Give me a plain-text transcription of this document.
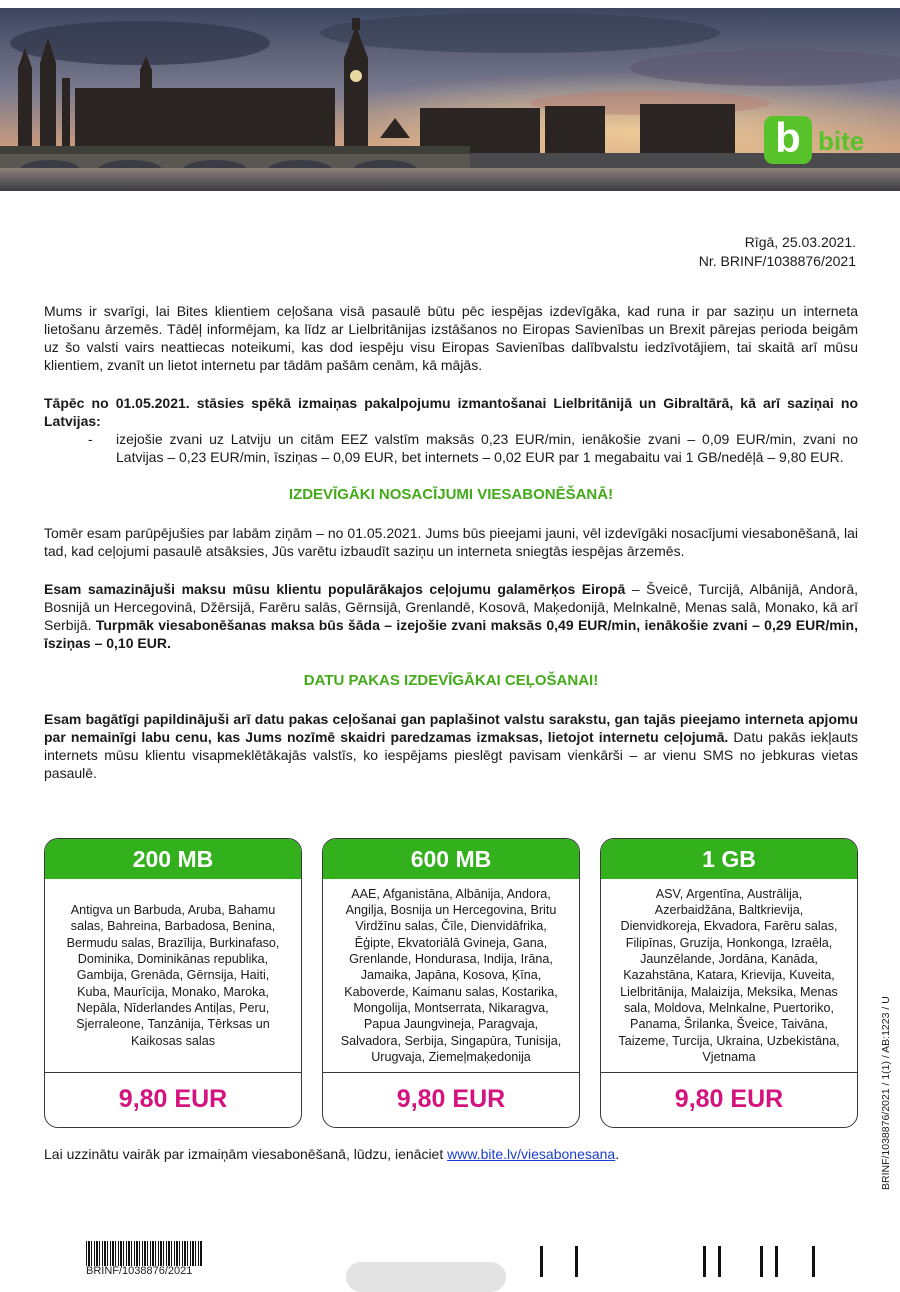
b bite
Rīgā, 25.03.2021.
Nr. BRINF/1038876/2021

Mums ir svarīgi, lai Bites klientiem ceļošana visā pasaulē būtu pēc iespējas izdevīgāka, kad runa ir par saziņu un interneta lietošanu ārzemēs. Tādēļ informējam, ka līdz ar Lielbritānijas izstāšanos no Eiropas Savienības un Brexit pārejas perioda beigām uz šo valsti vairs neattiecas noteikumi, kas dod iespēju visu Eiropas Savienības dalībvalstu iedzīvotājiem, tai skaitā arī mūsu klientiem, zvanīt un lietot internetu par tādām pašām cenām, kā mājās.

Tāpēc no 01.05.2021. stāsies spēkā izmaiņas pakalpojumu izmantošanai Lielbritānijā un Gibraltārā, kā arī saziņai no Latvijas:

-	izejošie zvani uz Latviju un citām EEZ valstīm maksās 0,23 EUR/min, ienākošie zvani – 0,09 EUR/min, zvani no Latvijas – 0,23 EUR/min, īsziņas – 0,09 EUR, bet internets – 0,02 EUR par 1 megabaitu vai 1 GB/nedēļā – 9,80 EUR.
IZDEVĪGĀKI NOSACĪJUMI VIESABONĒŠANĀ!

Tomēr esam parūpējušies par labām ziņām – no 01.05.2021. Jums būs pieejami jauni, vēl izdevīgāki nosacījumi viesabonēšanā, lai tad, kad ceļojumi pasaulē atsāksies, Jūs varētu izbaudīt saziņu un interneta sniegtās iespējas ārzemēs.

Esam samazinājuši maksu mūsu klientu populārākajos ceļojumu galamērķos Eiropā – Šveicē, Turcijā, Albānijā, Andorā, Bosnijā un Hercegovinā, Džērsijā, Farēru salās, Gērnsijā, Grenlandē, Kosovā, Maķedonijā, Melnkalnē, Menas salā, Monako, kā arī Serbijā. Turpmāk viesabonēšanas maksa būs šāda – izejošie zvani maksās 0,49 EUR/min, ienākošie zvani – 0,29 EUR/min, īsziņas – 0,10 EUR.

DATU PAKAS IZDEVĪGĀKAI CEĻOŠANAI!

Esam bagātīgi papildinājuši arī datu pakas ceļošanai gan paplašinot valstu sarakstu, gan tajās pieejamo interneta apjomu par nemainīgi labu cenu, kas Jums nozīmē skaidri paredzamas izmaksas, lietojot internetu ceļojumā. Datu pakās iekļauts internets mūsu klientu visapmeklētākajās valstīs, ko iespējams pieslēgt pavisam vienkārši – ar vienu SMS no jebkuras vietas pasaulē.

200 MB
Antigva un Barbuda, Aruba, Bahamu salas, Bahreina, Barbadosa, Benina, Bermudu salas, Brazīlija, Burkinafaso, Dominika, Dominikānas republika, Gambija, Grenāda, Gērnsija, Haiti, Kuba, Maurīcija, Monako, Maroka, Nepāla, Nīderlandes Antiļas, Peru, Sjerraleone, Tanzānija, Tērksas un Kaikosas salas
9,80 EUR
600 MB
AAE, Afganistāna, Albānija, Andora, Angilja, Bosnija un Hercegovina, Britu Virdžīnu salas, Čīle, Dienvidāfrika, Ēģipte, Ekvatoriālā Gvineja, Gana, Grenlande, Hondurasa, Indija, Irāna, Jamaika, Japāna, Kosova, Ķīna, Kaboverde, Kaimanu salas, Kostarika, Mongolija, Montserrata, Nikaragva, Papua Jaungvineja, Paragvaja, Salvadora, Serbija, Singapūra, Tunisija, Urugvaja, Ziemeļmaķedonija
9,80 EUR
1 GB
ASV, Argentīna, Austrālija, Azerbaidžāna, Baltkrievija, Dienvidkoreja, Ekvadora, Farēru salas, Filipīnas, Gruzija, Honkonga, Izraēla, Jaunzēlande, Jordāna, Kanāda, Kazahstāna, Katara, Krievija, Kuveita, Lielbritānija, Malaizija, Meksika, Menas sala, Moldova, Melnkalne, Puertoriko, Panama, Šrilanka, Šveice, Taivāna, Taizeme, Turcija, Ukraina, Uzbekistāna, Vjetnama
9,80 EUR
Lai uzzinātu vairāk par izmaiņām viesabonēšanā, lūdzu, ienāciet www.bite.lv/viesabonesana.	BRINF/1038876/2021 / 1(1) / AB:1223 / U
BRINF/1038876/2021
